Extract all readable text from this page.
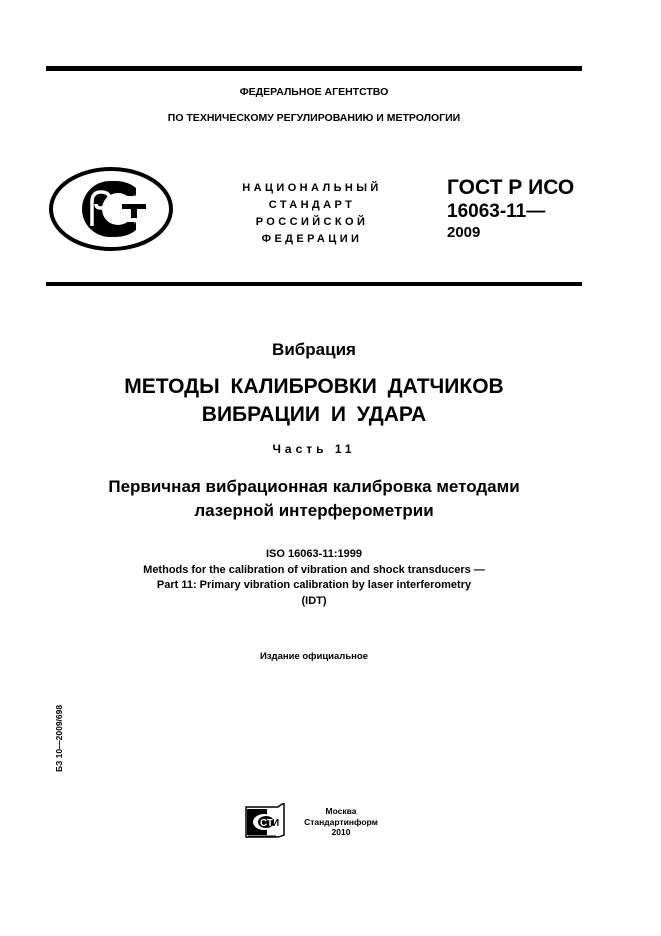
ФЕДЕРАЛЬНОЕ АГЕНТСТВО
ПО ТЕХНИЧЕСКОМУ РЕГУЛИРОВАНИЮ И МЕТРОЛОГИИ
НАЦИОНАЛЬНЫЙ
СТАНДАРТ
РОССИЙСКОЙ
ФЕДЕРАЦИИ
ГОСТ Р ИСО
16063-11—
2009
Вибрация
МЕТОДЫ КАЛИБРОВКИ ДАТЧИКОВ
ВИБРАЦИИ И УДАРА
Часть 11
Первичная вибрационная калибровка методами
лазерной интерферометрии
ISO 16063-11:1999
Methods for the calibration of vibration and shock transducers —
Part 11: Primary vibration calibration by laser interferometry
(IDT)
Издание официальное
БЗ 10—2009/698
СТ
И
Москва
Стандартинформ
2010
